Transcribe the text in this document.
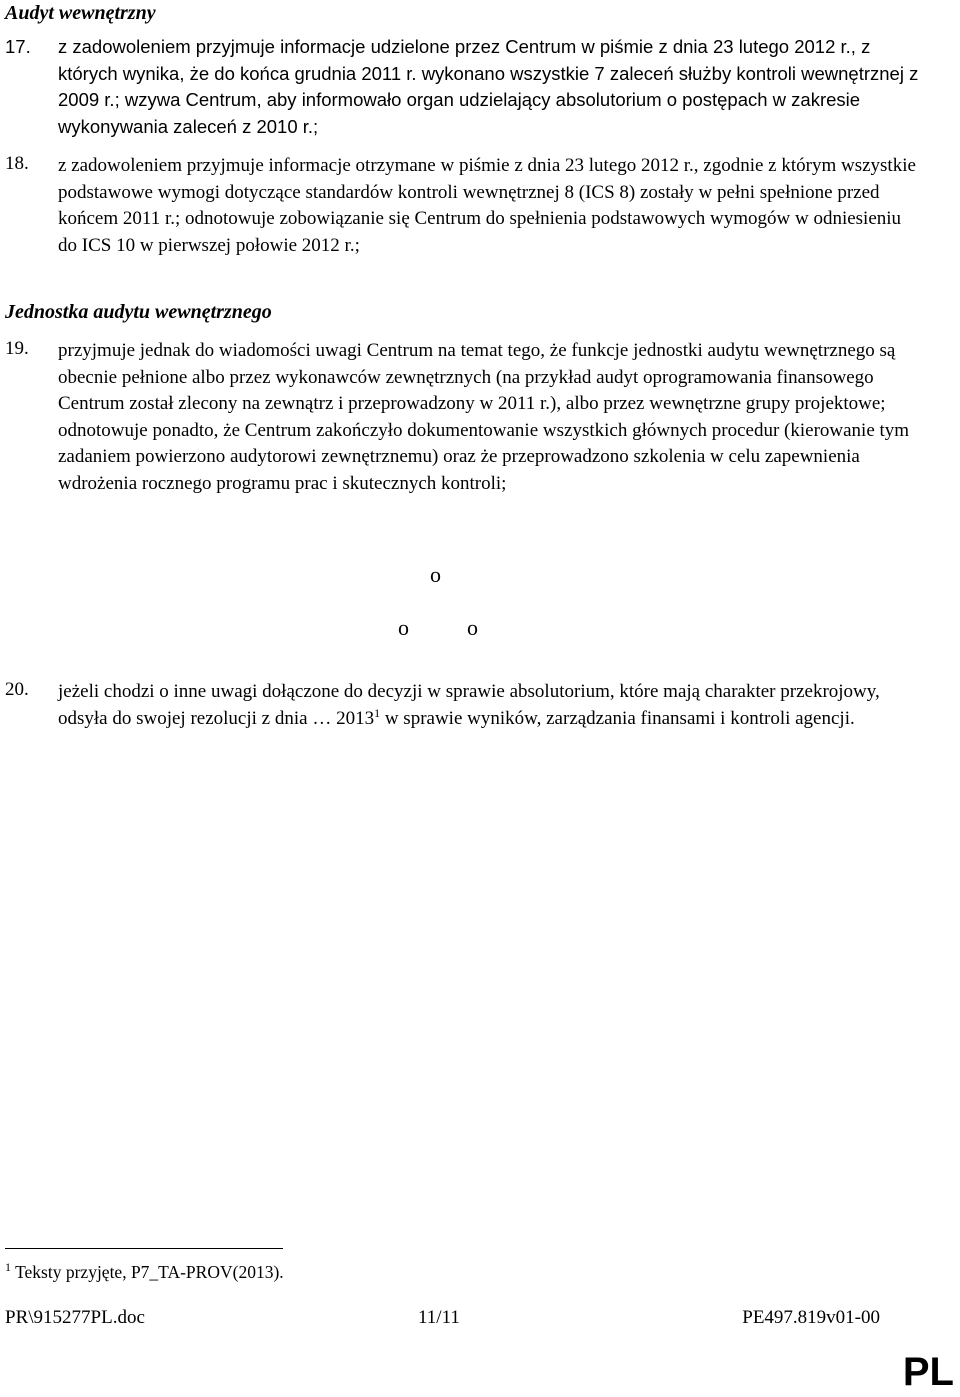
Audyt wewnętrzny
17.	z zadowoleniem przyjmuje informacje udzielone przez Centrum w piśmie z dnia 23 lutego 2012 r., z których wynika, że do końca grudnia 2011 r. wykonano wszystkie 7 zaleceń służby kontroli wewnętrznej z 2009 r.; wzywa Centrum, aby informowało organ udzielający absolutorium o postępach w zakresie wykonywania zaleceń z 2010 r.;
18.	z zadowoleniem przyjmuje informacje otrzymane w piśmie z dnia 23 lutego 2012 r., zgodnie z którym wszystkie podstawowe wymogi dotyczące standardów kontroli wewnętrznej 8 (ICS 8) zostały w pełni spełnione przed końcem 2011 r.; odnotowuje zobowiązanie się Centrum do spełnienia podstawowych wymogów w odniesieniu do ICS 10 w pierwszej połowie 2012 r.;
Jednostka audytu wewnętrznego
19.	przyjmuje jednak do wiadomości uwagi Centrum na temat tego, że funkcje jednostki audytu wewnętrznego są obecnie pełnione albo przez wykonawców zewnętrznych (na przykład audyt oprogramowania finansowego Centrum został zlecony na zewnątrz i przeprowadzony w 2011 r.), albo przez wewnętrzne grupy projektowe; odnotowuje ponadto, że Centrum zakończyło dokumentowanie wszystkich głównych procedur (kierowanie tym zadaniem powierzono audytorowi zewnętrznemu) oraz że przeprowadzono szkolenia w celu zapewnienia wdrożenia rocznego programu prac i skutecznych kontroli;
o
o	o
20.	jeżeli chodzi o inne uwagi dołączone do decyzji w sprawie absolutorium, które mają charakter przekrojowy, odsyła do swojej rezolucji z dnia … 2013$^1$ w sprawie wyników, zarządzania finansami i kontroli agencji.
$^1$ Teksty przyjęte, P7_TA-PROV(2013).
PR\915277PL.doc	11/11	PE497.819v01-00
PL
